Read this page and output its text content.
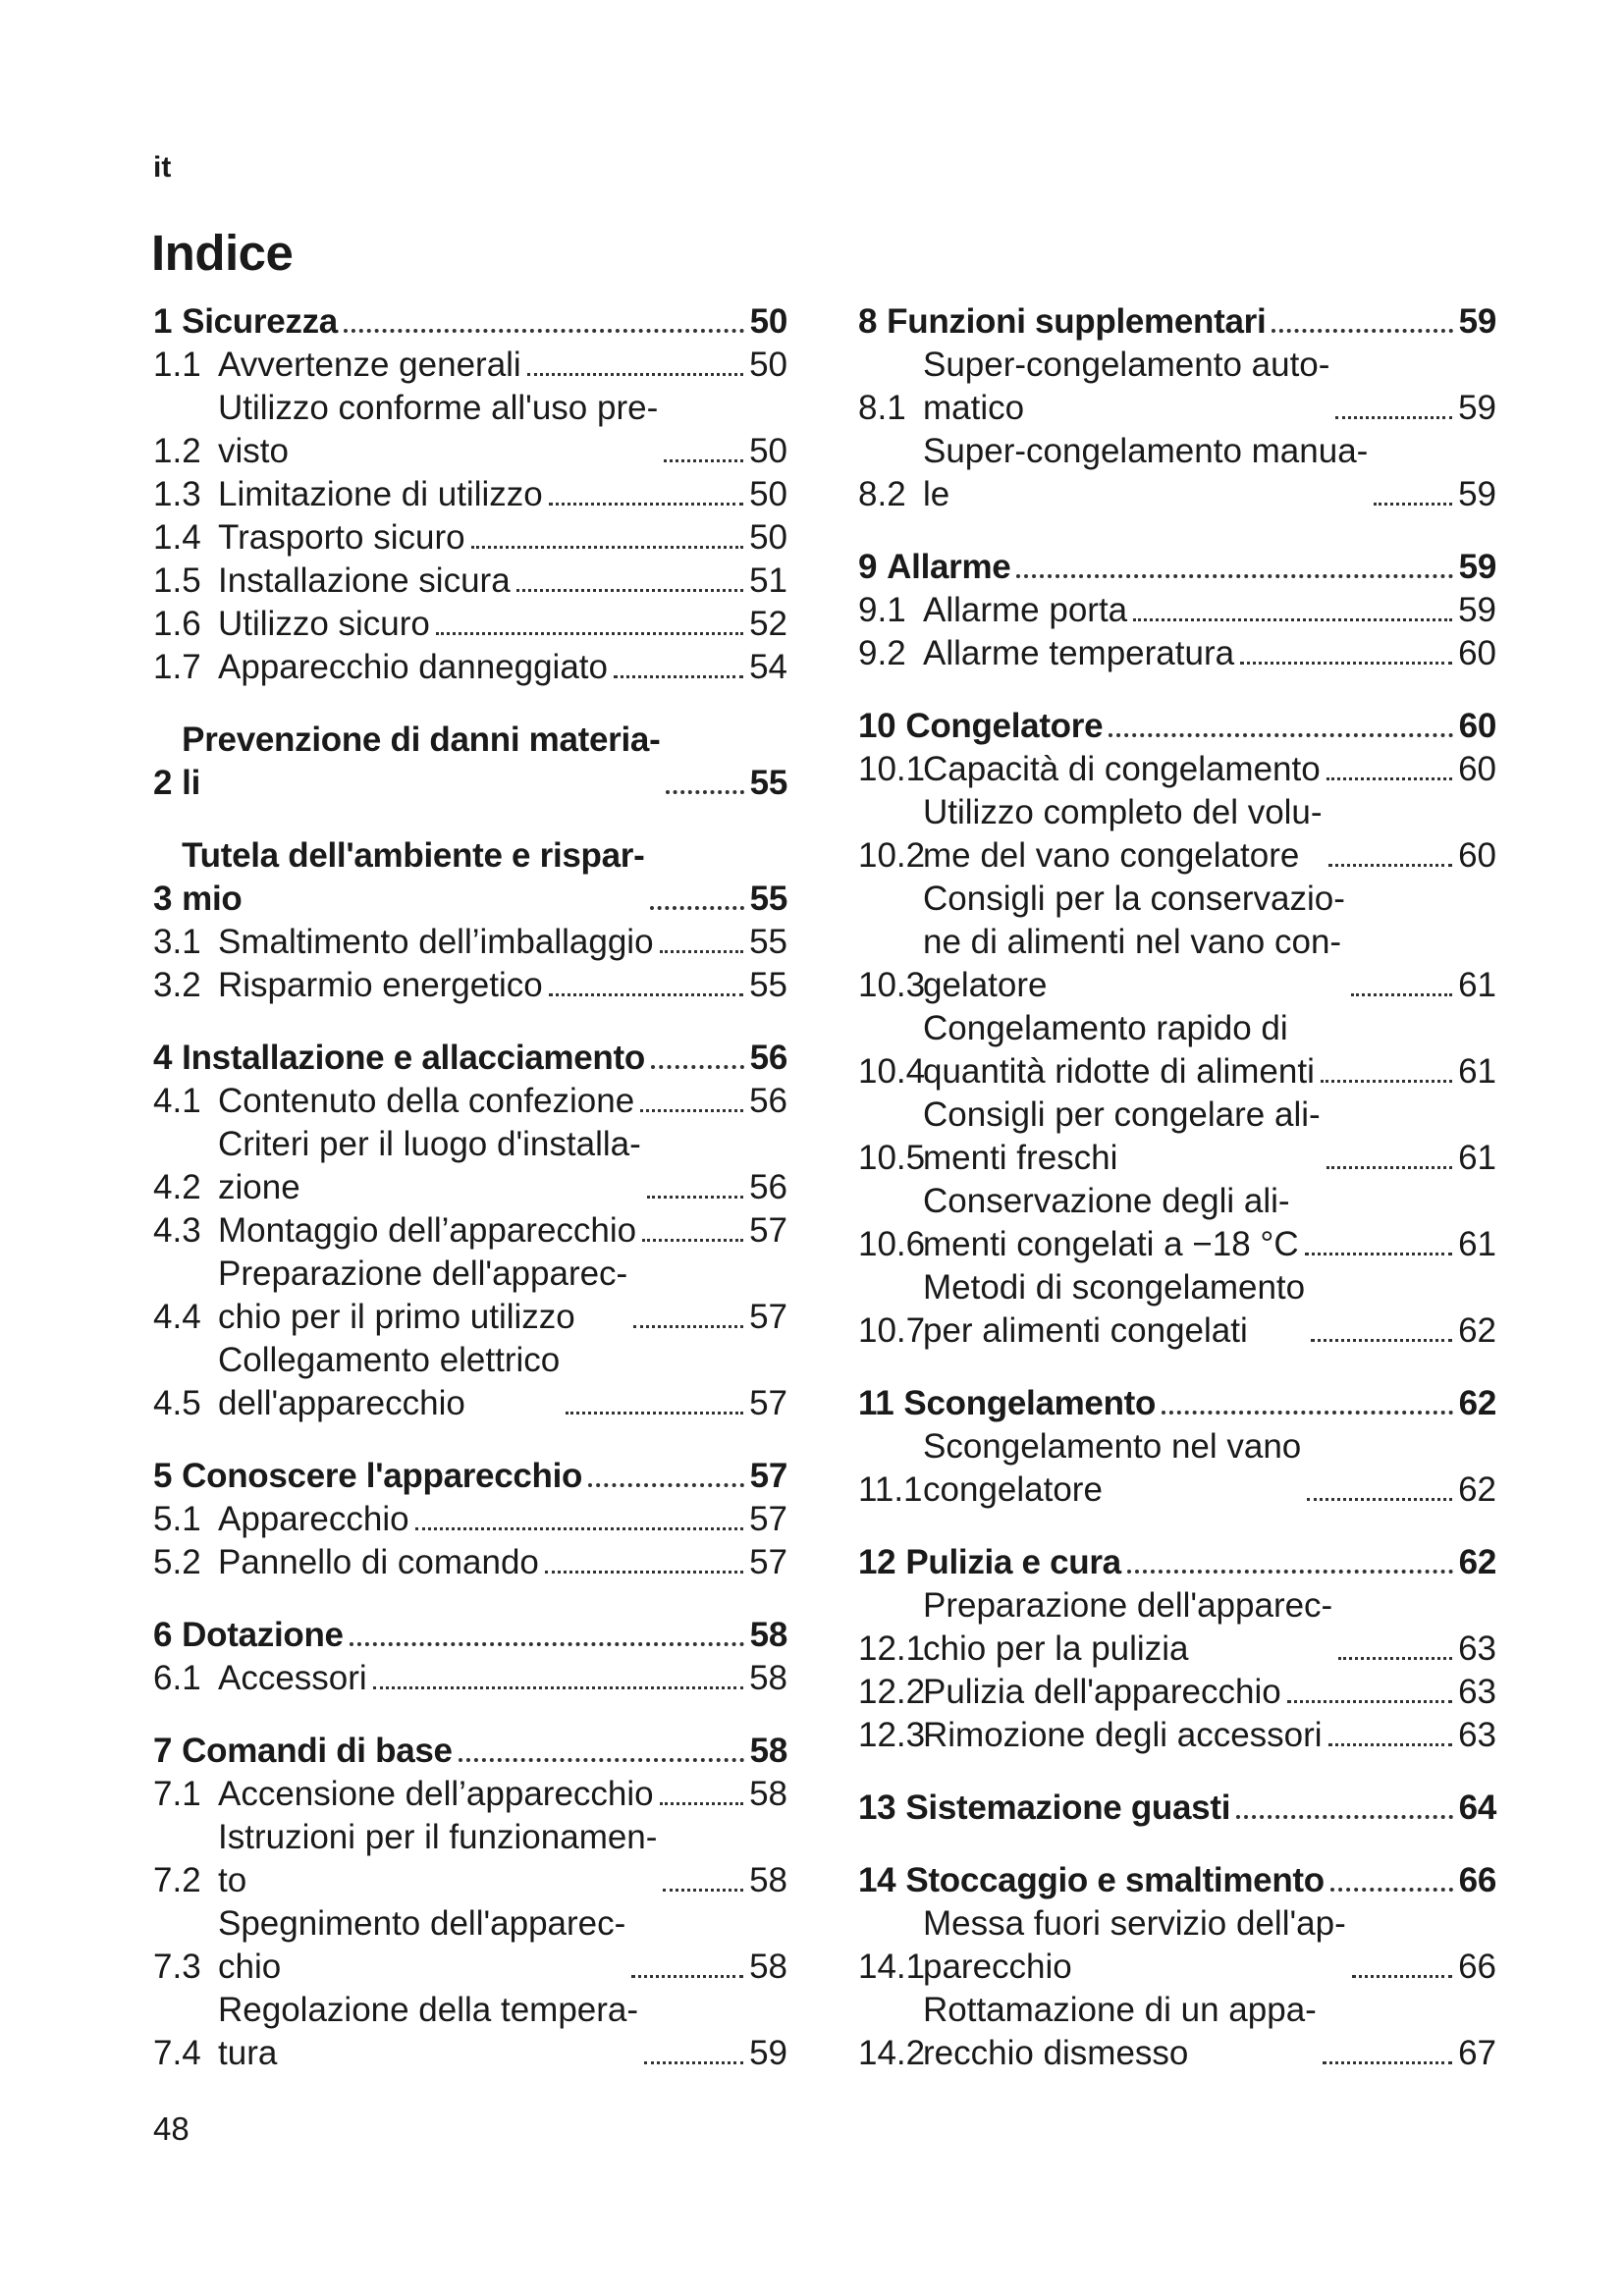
it
Indice
1 Sicurezza	50
1.1 Avvertenze generali	50
1.2
Utilizzo conforme all'uso pre-
visto	50
1.3 Limitazione di utilizzo	50
1.4 Trasporto sicuro	50
1.5 Installazione sicura	51
1.6 Utilizzo sicuro	52
1.7 Apparecchio danneggiato	54
2
Prevenzione di danni materia-
li	55
3
Tutela dell'ambiente e rispar-
mio	55
3.1 Smaltimento dell’imballaggio	55
3.2 Risparmio energetico	55
4 Installazione e allacciamento	56
4.1 Contenuto della confezione	56
4.2
Criteri per il luogo d'installa-
zione	56
4.3 Montaggio dell’apparecchio	57
4.4
Preparazione dell'apparec-
chio per il primo utilizzo	57
4.5
Collegamento elettrico
dell'apparecchio	57
5 Conoscere l'apparecchio	57
5.1 Apparecchio	57
5.2 Pannello di comando	57
6 Dotazione	58
6.1 Accessori	58
7 Comandi di base	58
7.1 Accensione dell’apparecchio	58
7.2
Istruzioni per il funzionamen-
to	58
7.3
Spegnimento dell'apparec-
chio	58
7.4
Regolazione della tempera-
tura	59
8 Funzioni supplementari	59
8.1
Super-congelamento auto-
matico	59
8.2
Super-congelamento manua-
le	59
9 Allarme	59
9.1 Allarme porta	59
9.2 Allarme temperatura	60
10 Congelatore	60
10.1
Capacità di congelamento	60
10.2
Utilizzo completo del volu-
me del vano congelatore	60
10.3
Consigli per la conservazio-
ne di alimenti nel vano con-
gelatore	61
10.4
Congelamento rapido di
quantità ridotte di alimenti	61
10.5
Consigli per congelare ali-
menti freschi	61
10.6
Conservazione degli ali-
menti congelati a −18 °C	61
10.7
Metodi di scongelamento
per alimenti congelati	62
11 Scongelamento	62
11.1
Scongelamento nel vano
congelatore	62
12 Pulizia e cura	62
12.1
Preparazione dell'apparec-
chio per la pulizia	63
12.2
Pulizia dell'apparecchio	63
12.3
Rimozione degli accessori	63
13 Sistemazione guasti	64
14 Stoccaggio e smaltimento	66
14.1
Messa fuori servizio dell'ap-
parecchio	66
14.2
Rottamazione di un appa-
recchio dismesso	67
48
